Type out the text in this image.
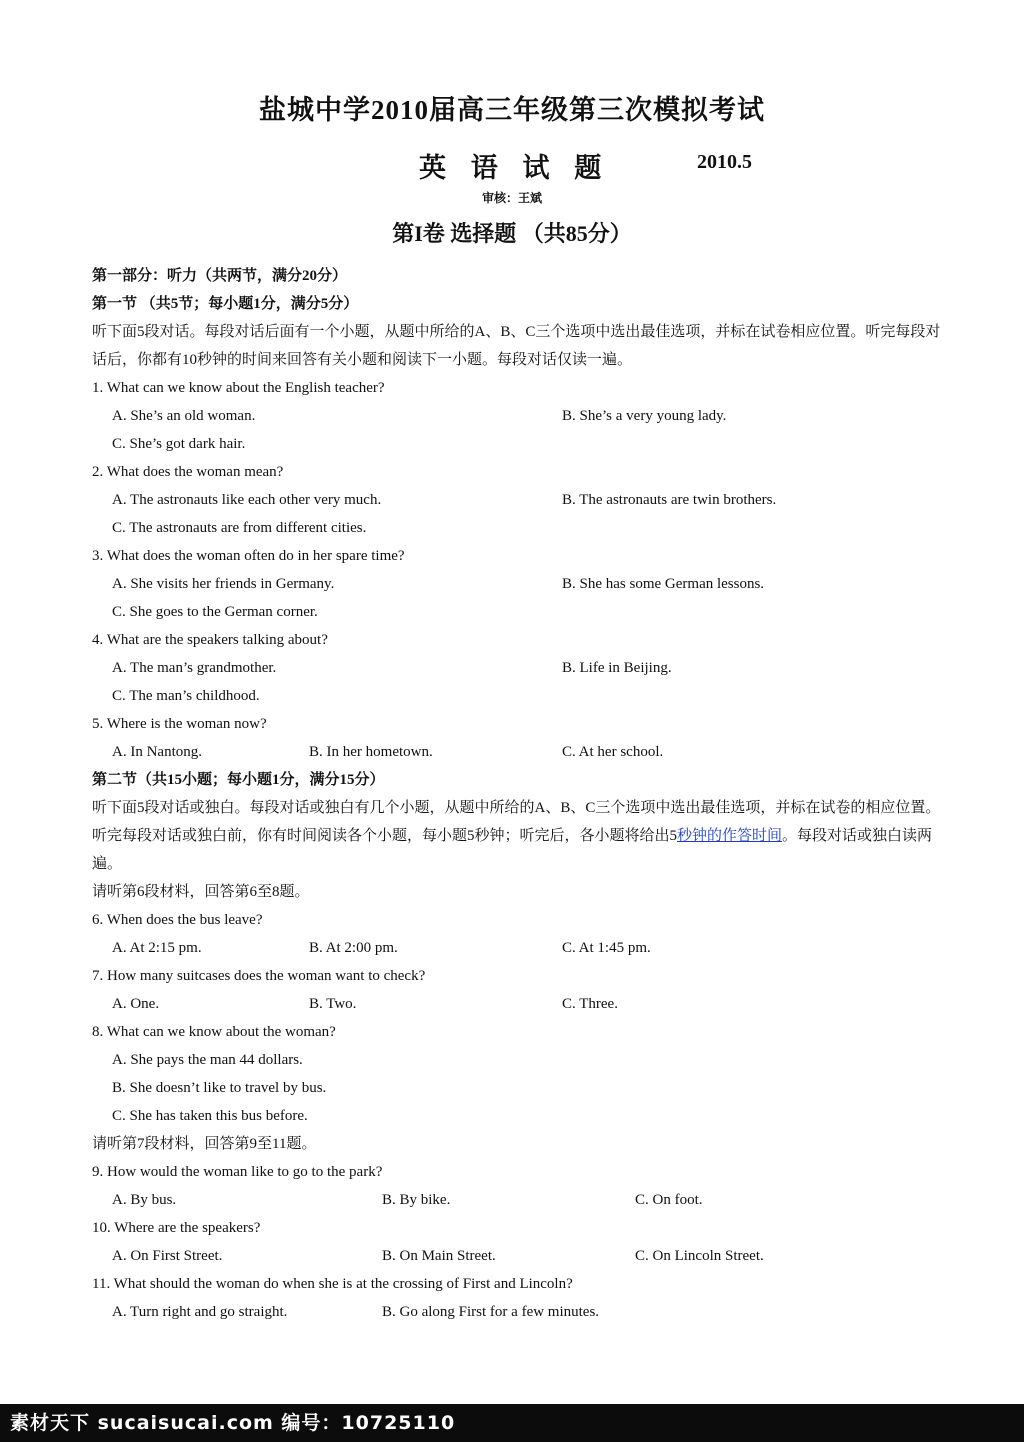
盐城中学2010届高三年级第三次模拟考试
英 语 试 题	2010.5
审核：王斌
第I卷 选择题 （共85分）
第一部分：听力（共两节，满分20分）
第一节 （共5节；每小题1分，满分5分）
听下面5段对话。每段对话后面有一个小题，从题中所给的A、B、C三个选项中选出最佳选项，并标在试卷相应位置。听完每段对话后，你都有10秒钟的时间来回答有关小题和阅读下一小题。每段对话仅读一遍。
1. What can we know about the English teacher?
A. She’s an old woman.	B. She’s a very young lady.
C. She’s got dark hair.
2. What does the woman mean?
A. The astronauts like each other very much.	B. The astronauts are twin brothers.
C. The astronauts are from different cities.
3. What does the woman often do in her spare time?
A. She visits her friends in Germany.	B. She has some German lessons.
C. She goes to the German corner.
4. What are the speakers talking about?
A. The man’s grandmother.	B. Life in Beijing.
C. The man’s childhood.
5. Where is the woman now?
A. In Nantong.	B. In her hometown.	C. At her school.
第二节（共15小题；每小题1分，满分15分）
听下面5段对话或独白。每段对话或独白有几个小题，从题中所给的A、B、C三个选项中选出最佳选项，并标在试卷的相应位置。听完每段对话或独白前，你有时间阅读各个小题，每小题5秒钟；听完后，各小题将给出5秒钟的作答时间。每段对话或独白读两遍。
请听第6段材料，回答第6至8题。
6. When does the bus leave?
A. At 2:15 pm.	B. At 2:00 pm.	C. At 1:45 pm.
7. How many suitcases does the woman want to check?
A. One.	B. Two.	C. Three.
8. What can we know about the woman?
A. She pays the man 44 dollars.
B. She doesn’t like to travel by bus.
C. She has taken this bus before.
请听第7段材料，回答第9至11题。
9. How would the woman like to go to the park?
A. By bus.	B. By bike.	C. On foot.
10. Where are the speakers?
A. On First Street.	B. On Main Street.	C. On Lincoln Street.
11. What should the woman do when she is at the crossing of First and Lincoln?
A. Turn right and go straight.	B. Go along First for a few minutes.
素材天下 sucaisucai.com 编号：10725110
